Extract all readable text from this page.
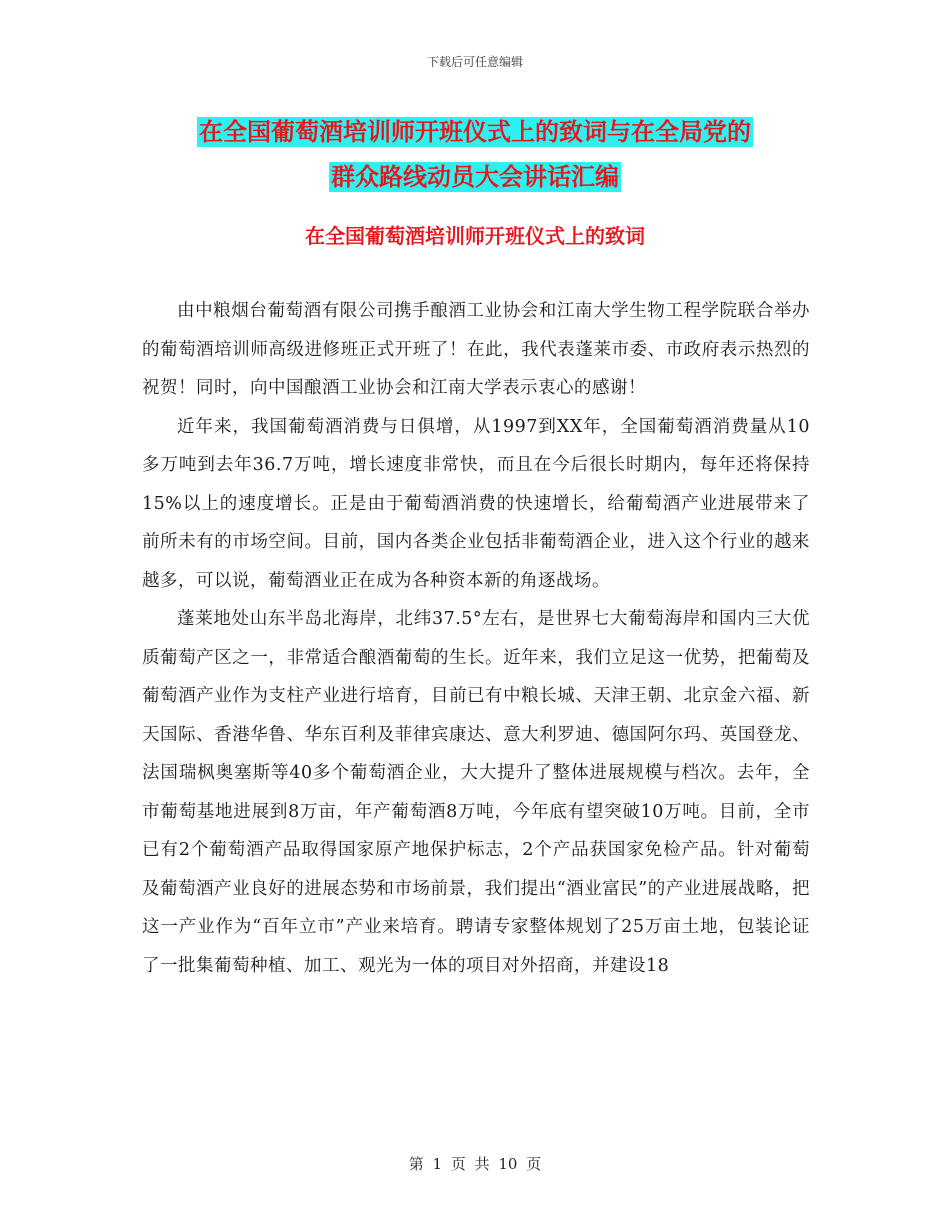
下载后可任意编辑
在全国葡萄酒培训师开班仪式上的致词与在全局党的
群众路线动员大会讲话汇编
在全国葡萄酒培训师开班仪式上的致词

由中粮烟台葡萄酒有限公司携手酿酒工业协会和江南大学生物工程学院联合举办的葡萄酒培训师高级进修班正式开班了！在此，我代表蓬莱市委、市政府表示热烈的祝贺！同时，向中国酿酒工业协会和江南大学表示衷心的感谢！

近年来，我国葡萄酒消费与日俱增，从1997到XX年，全国葡萄酒消费量从10多万吨到去年36.7万吨，增长速度非常快，而且在今后很长时期内，每年还将保持15%以上的速度增长。正是由于葡萄酒消费的快速增长，给葡萄酒产业进展带来了前所未有的市场空间。目前，国内各类企业包括非葡萄酒企业，进入这个行业的越来越多，可以说，葡萄酒业正在成为各种资本新的角逐战场。

蓬莱地处山东半岛北海岸，北纬37.5°左右，是世界七大葡萄海岸和国内三大优质葡萄产区之一，非常适合酿酒葡萄的生长。近年来，我们立足这一优势，把葡萄及葡萄酒产业作为支柱产业进行培育，目前已有中粮长城、天津王朝、北京金六福、新天国际、香港华鲁、华东百利及菲律宾康达、意大利罗迪、德国阿尔玛、英国登龙、法国瑞枫奥塞斯等40多个葡萄酒企业，大大提升了整体进展规模与档次。去年，全市葡萄基地进展到8万亩，年产葡萄酒8万吨，今年底有望突破10万吨。目前，全市已有2个葡萄酒产品取得国家原产地保护标志，2个产品获国家免检产品。针对葡萄及葡萄酒产业良好的进展态势和市场前景，我们提出“酒业富民”的产业进展战略，把这一产业作为“百年立市”产业来培育。聘请专家整体规划了25万亩土地，包装论证了一批集葡萄种植、加工、观光为一体的项目对外招商，并建设18

第 1 页 共 10 页
